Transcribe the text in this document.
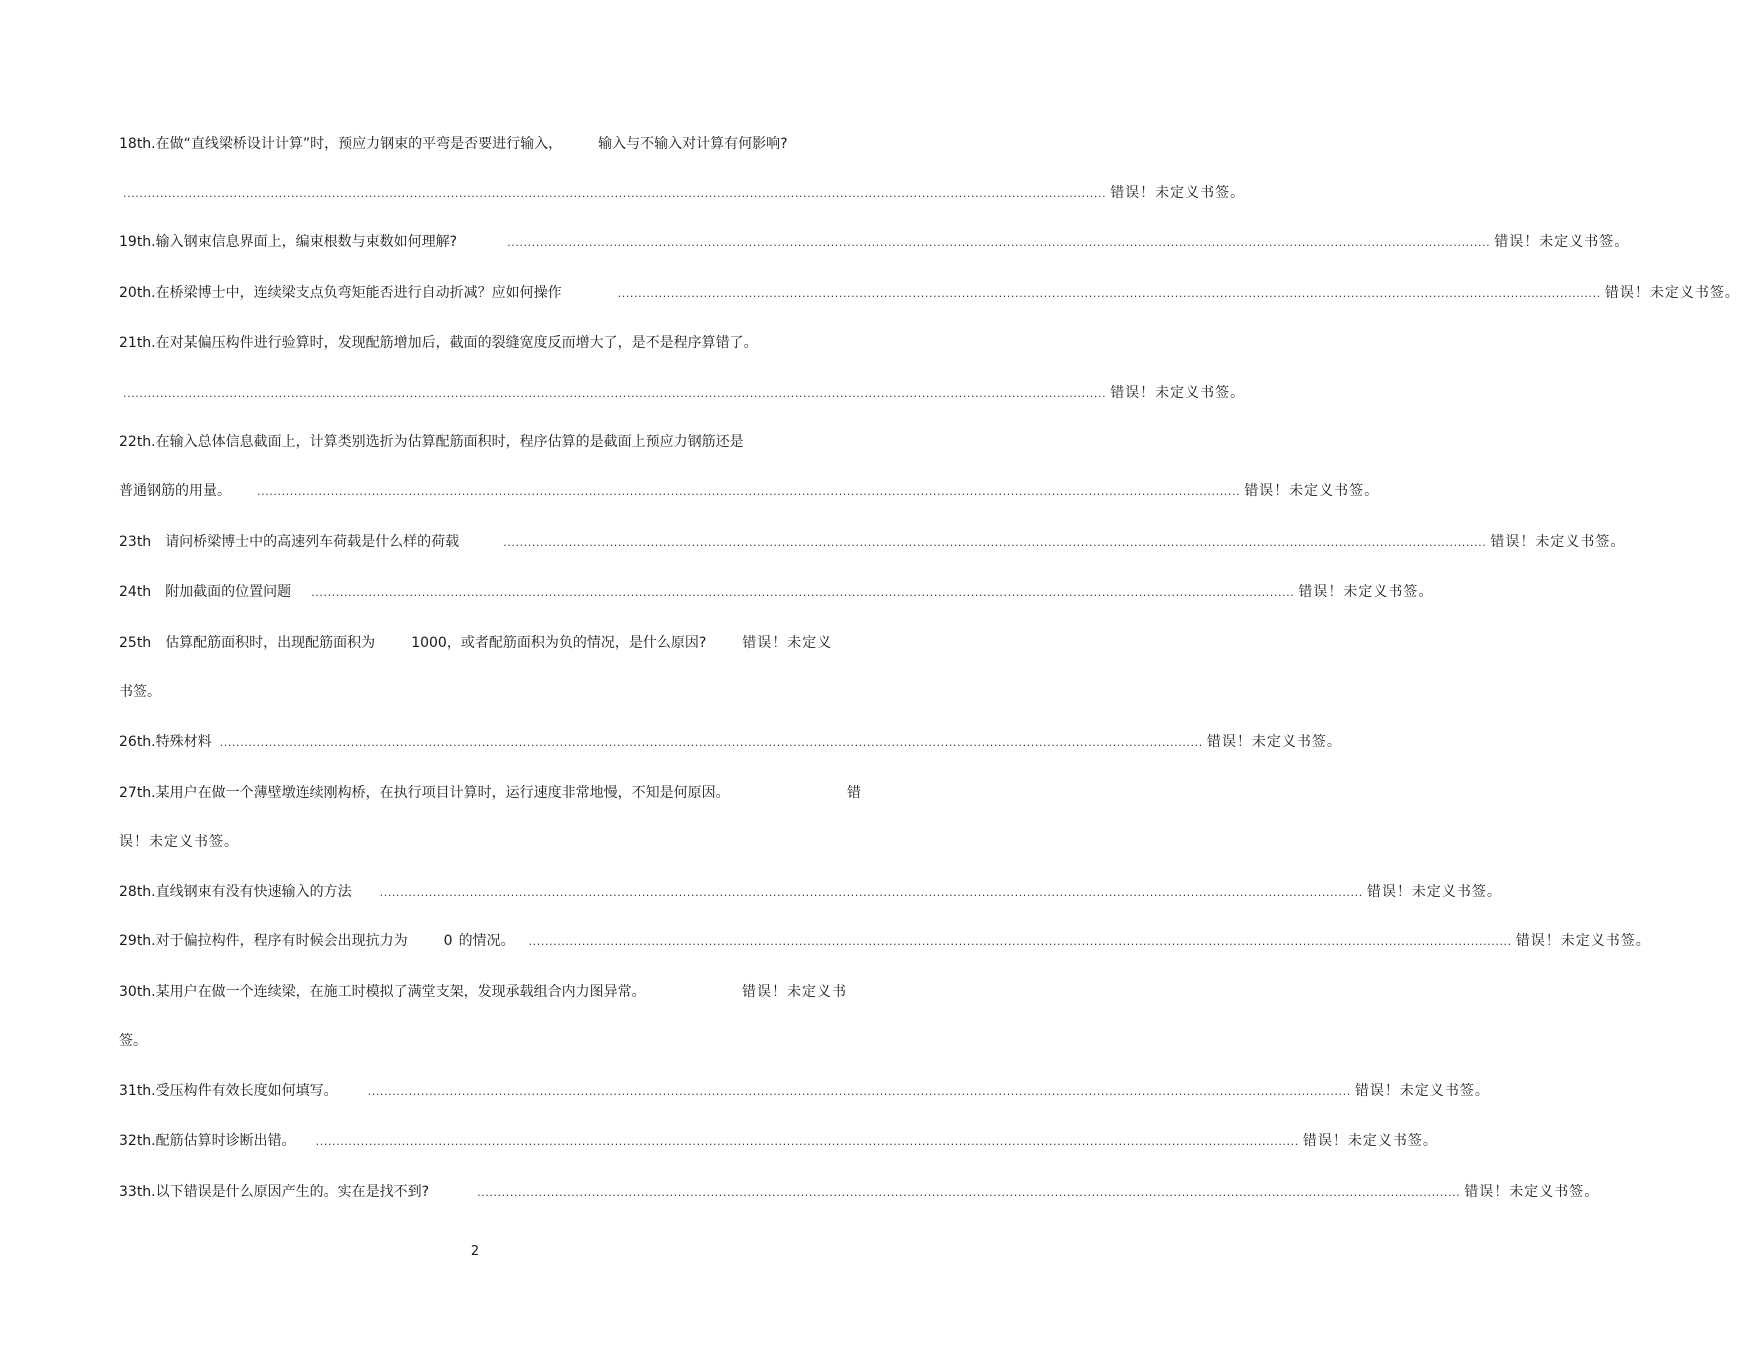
18th.在做“直线梁桥设计计算”时，预应力钢束的平弯是否要进行输入，	输入与不输入对计算有何影响?
................................................................................................................................................................................................................................................ 错误！未定义书签。
19th.输入钢束信息界面上，编束根数与束数如何理解?	................................................................................................................................................................................................................................................ 错误！未定义书签。
20th.在桥梁博士中，连续梁支点负弯矩能否进行自动折减？应如何操作	................................................................................................................................................................................................................................................ 错误！未定义书签。
21th.在对某偏压构件进行验算时，发现配筋增加后，截面的裂缝宽度反而增大了，是不是程序算错了。
................................................................................................................................................................................................................................................ 错误！未定义书签。
22th.在输入总体信息截面上，计算类别选折为估算配筋面积时，程序估算的是截面上预应力钢筋还是
普通钢筋的用量。 ................................................................................................................................................................................................................................................ 错误！未定义书签。
23th 请问桥梁博士中的高速列车荷载是什么样的荷载	................................................................................................................................................................................................................................................ 错误！未定义书签。
24th 附加截面的位置问题 ................................................................................................................................................................................................................................................ 错误！未定义书签。
25th 估算配筋面积时，出现配筋面积为	1000，或者配筋面积为负的情况，是什么原因?	错误！未定义
书签。
26th.特殊材料 ................................................................................................................................................................................................................................................ 错误！未定义书签。
27th.某用户在做一个薄壁墩连续刚构桥，在执行项目计算时，运行速度非常地慢，不知是何原因。	错
误！未定义书签。
28th.直线钢束有没有快速输入的方法	................................................................................................................................................................................................................................................ 错误！未定义书签。
29th.对于偏拉构件，程序有时候会出现抗力为	0 的情况。 ................................................................................................................................................................................................................................................ 错误！未定义书签。
30th.某用户在做一个连续梁，在施工时模拟了满堂支架，发现承载组合内力图异常。	错误！未定义书
签。
31th.受压构件有效长度如何填写。	................................................................................................................................................................................................................................................ 错误！未定义书签。
32th.配筋估算时诊断出错。 ................................................................................................................................................................................................................................................ 错误！未定义书签。
33th.以下错误是什么原因产生的。实在是找不到?	................................................................................................................................................................................................................................................ 错误！未定义书签。
2
